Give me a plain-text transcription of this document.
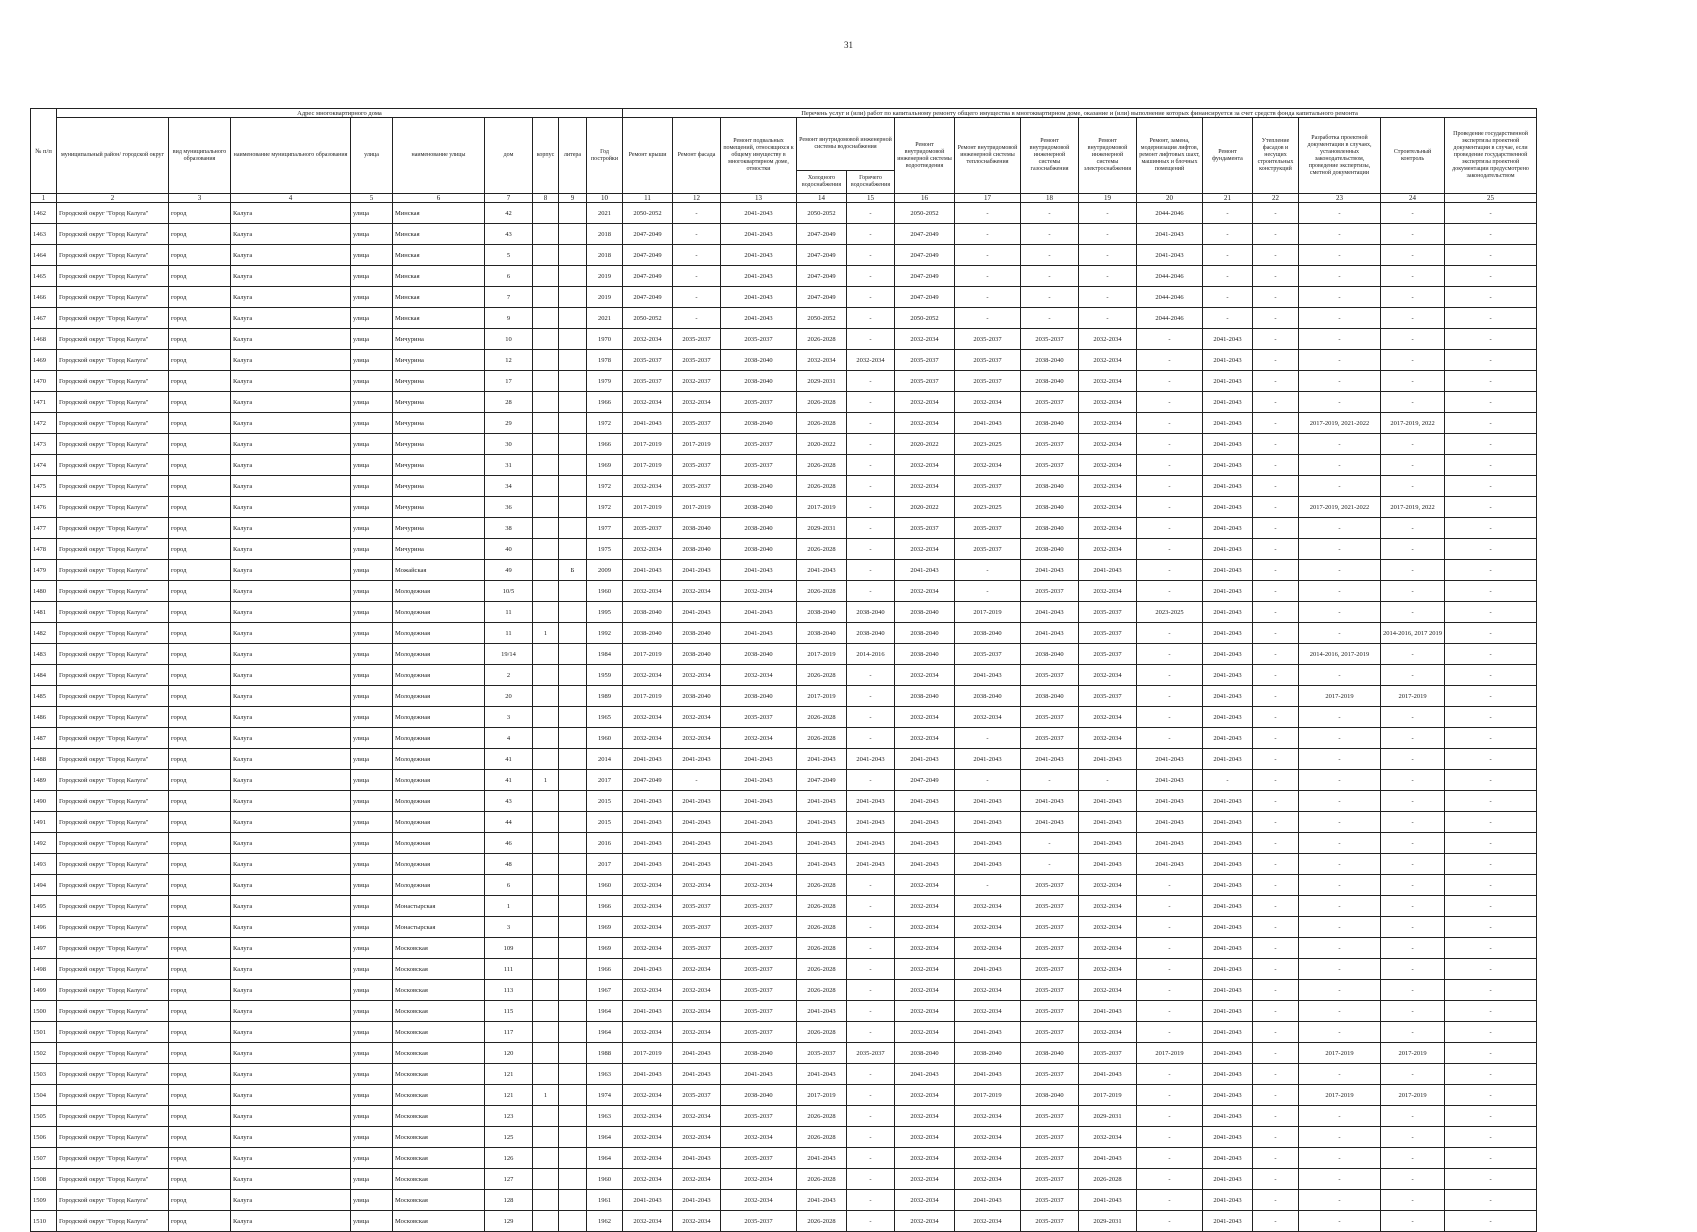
31
№ п/п	Адрес многоквартирного дома									Перечень услуг и (или) работ по капитальному ремонту общего имущества в многоквартирном доме, оказание и (или) выполнение которых финансируется за счет средств фонда капитального ремонта														
	муниципальный район/ городской округ	вид муниципального образования	наименование муниципального образования	улица	наименование улицы	дом	корпус	литера	Год постройки	Ремонт крыши	Ремонт фасада	Ремонт подвальных помещений, относящихся к общему имуществу в многоквартирном доме, отмостки	Ремонт внутридомовой инженерной системы водоснабжения		Ремонт внутридомовой инженерной системы водоотведения	Ремонт внутридомовой инженерной системы теплоснабжения	Ремонт внутридомовой инженерной системы газоснабжения	Ремонт внутридомовой инженерной системы электроснабжения	Ремонт, замена, модернизация лифтов, ремонт лифтовых шахт, машинных и блочных помещений	Ремонт фундамента	Утепление фасадов и несущих строительных конструкций	Разработка проектной документации в случаях, установленных законодательством, проведение экспертизы, сметной документации	Строительный контроль	Проведение государственной экспертизы проектной документации в случае, если проведение государственной экспертизы проектной документации предусмотрено законодательством
													Холодного водоснабжения	Горячего водоснабжения										
1	2	3	4	5	6	7	8	9	10	11	12	13	14	15	16	17	18	19	20	21	22	23	24	25
1462	Городской округ "Город Калуга"	город	Калуга	улица	Минская	42			2021	2050-2052	-	2041-2043	2050-2052	-	2050-2052	-	-	-	2044-2046	-	-	-	-	-
1463	Городской округ "Город Калуга"	город	Калуга	улица	Минская	43			2018	2047-2049	-	2041-2043	2047-2049	-	2047-2049	-	-	-	2041-2043	-	-	-	-	-
1464	Городской округ "Город Калуга"	город	Калуга	улица	Минская	5			2018	2047-2049	-	2041-2043	2047-2049	-	2047-2049	-	-	-	2041-2043	-	-	-	-	-
1465	Городской округ "Город Калуга"	город	Калуга	улица	Минская	6			2019	2047-2049	-	2041-2043	2047-2049	-	2047-2049	-	-	-	2044-2046	-	-	-	-	-
1466	Городской округ "Город Калуга"	город	Калуга	улица	Минская	7			2019	2047-2049	-	2041-2043	2047-2049	-	2047-2049	-	-	-	2044-2046	-	-	-	-	-
1467	Городской округ "Город Калуга"	город	Калуга	улица	Минская	9			2021	2050-2052	-	2041-2043	2050-2052	-	2050-2052	-	-	-	2044-2046	-	-	-	-	-
1468	Городской округ "Город Калуга"	город	Калуга	улица	Мичурина	10			1970	2032-2034	2035-2037	2035-2037	2026-2028	-	2032-2034	2035-2037	2035-2037	2032-2034	-	2041-2043	-	-	-	-
1469	Городской округ "Город Калуга"	город	Калуга	улица	Мичурина	12			1978	2035-2037	2035-2037	2038-2040	2032-2034	2032-2034	2035-2037	2035-2037	2038-2040	2032-2034	-	2041-2043	-	-	-	-
1470	Городской округ "Город Калуга"	город	Калуга	улица	Мичурина	17			1979	2035-2037	2032-2037	2038-2040	2029-2031	-	2035-2037	2035-2037	2038-2040	2032-2034	-	2041-2043	-	-	-	-
1471	Городской округ "Город Калуга"	город	Калуга	улица	Мичурина	28			1966	2032-2034	2032-2034	2035-2037	2026-2028	-	2032-2034	2032-2034	2035-2037	2032-2034	-	2041-2043	-	-	-	-
1472	Городской округ "Город Калуга"	город	Калуга	улица	Мичурина	29			1972	2041-2043	2035-2037	2038-2040	2026-2028	-	2032-2034	2041-2043	2038-2040	2032-2034	-	2041-2043	-	2017-2019, 2021-2022	2017-2019, 2022	-
1473	Городской округ "Город Калуга"	город	Калуга	улица	Мичурина	30			1966	2017-2019	2017-2019	2035-2037	2020-2022	-	2020-2022	2023-2025	2035-2037	2032-2034	-	2041-2043	-	-	-	-
1474	Городской округ "Город Калуга"	город	Калуга	улица	Мичурина	31			1969	2017-2019	2035-2037	2035-2037	2026-2028	-	2032-2034	2032-2034	2035-2037	2032-2034	-	2041-2043	-	-	-	-
1475	Городской округ "Город Калуга"	город	Калуга	улица	Мичурина	34			1972	2032-2034	2035-2037	2038-2040	2026-2028	-	2032-2034	2035-2037	2038-2040	2032-2034	-	2041-2043	-	-	-	-
1476	Городской округ "Город Калуга"	город	Калуга	улица	Мичурина	36			1972	2017-2019	2017-2019	2038-2040	2017-2019	-	2020-2022	2023-2025	2038-2040	2032-2034	-	2041-2043	-	2017-2019, 2021-2022	2017-2019, 2022	-
1477	Городской округ "Город Калуга"	город	Калуга	улица	Мичурина	38			1977	2035-2037	2038-2040	2038-2040	2029-2031	-	2035-2037	2035-2037	2038-2040	2032-2034	-	2041-2043	-	-	-	-
1478	Городской округ "Город Калуга"	город	Калуга	улица	Мичурина	40			1975	2032-2034	2038-2040	2038-2040	2026-2028	-	2032-2034	2035-2037	2038-2040	2032-2034	-	2041-2043	-	-	-	-
1479	Городской округ "Город Калуга"	город	Калуга	улица	Можайская	49		Б	2009	2041-2043	2041-2043	2041-2043	2041-2043	-	2041-2043	-	2041-2043	2041-2043	-	2041-2043	-	-	-	-
1480	Городской округ "Город Калуга"	город	Калуга	улица	Молодежная	10/5			1960	2032-2034	2032-2034	2032-2034	2026-2028	-	2032-2034	-	2035-2037	2032-2034	-	2041-2043	-	-	-	-
1481	Городской округ "Город Калуга"	город	Калуга	улица	Молодежная	11			1995	2038-2040	2041-2043	2041-2043	2038-2040	2038-2040	2038-2040	2017-2019	2041-2043	2035-2037	2023-2025	2041-2043	-	-	-	-
1482	Городской округ "Город Калуга"	город	Калуга	улица	Молодежная	11	1		1992	2038-2040	2038-2040	2041-2043	2038-2040	2038-2040	2038-2040	2038-2040	2041-2043	2035-2037	-	2041-2043	-	-	2014-2016, 2017 2019	-
1483	Городской округ "Город Калуга"	город	Калуга	улица	Молодежная	19/14			1984	2017-2019	2038-2040	2038-2040	2017-2019	2014-2016	2038-2040	2035-2037	2038-2040	2035-2037	-	2041-2043	-	2014-2016, 2017-2019	-	-
1484	Городской округ "Город Калуга"	город	Калуга	улица	Молодежная	2			1959	2032-2034	2032-2034	2032-2034	2026-2028	-	2032-2034	2041-2043	2035-2037	2032-2034	-	2041-2043	-	-	-	-
1485	Городской округ "Город Калуга"	город	Калуга	улица	Молодежная	20			1989	2017-2019	2038-2040	2038-2040	2017-2019	-	2038-2040	2038-2040	2038-2040	2035-2037	-	2041-2043	-	2017-2019	2017-2019	-
1486	Городской округ "Город Калуга"	город	Калуга	улица	Молодежная	3			1965	2032-2034	2032-2034	2035-2037	2026-2028	-	2032-2034	2032-2034	2035-2037	2032-2034	-	2041-2043	-	-	-	-
1487	Городской округ "Город Калуга"	город	Калуга	улица	Молодежная	4			1960	2032-2034	2032-2034	2032-2034	2026-2028	-	2032-2034	-	2035-2037	2032-2034	-	2041-2043	-	-	-	-
1488	Городской округ "Город Калуга"	город	Калуга	улица	Молодежная	41			2014	2041-2043	2041-2043	2041-2043	2041-2043	2041-2043	2041-2043	2041-2043	2041-2043	2041-2043	2041-2043	2041-2043	-	-	-	-
1489	Городской округ "Город Калуга"	город	Калуга	улица	Молодежная	41	1		2017	2047-2049	-	2041-2043	2047-2049	-	2047-2049	-	-	-	2041-2043	-	-	-	-	-
1490	Городской округ "Город Калуга"	город	Калуга	улица	Молодежная	43			2015	2041-2043	2041-2043	2041-2043	2041-2043	2041-2043	2041-2043	2041-2043	2041-2043	2041-2043	2041-2043	2041-2043	-	-	-	-
1491	Городской округ "Город Калуга"	город	Калуга	улица	Молодежная	44			2015	2041-2043	2041-2043	2041-2043	2041-2043	2041-2043	2041-2043	2041-2043	2041-2043	2041-2043	2041-2043	2041-2043	-	-	-	-
1492	Городской округ "Город Калуга"	город	Калуга	улица	Молодежная	46			2016	2041-2043	2041-2043	2041-2043	2041-2043	2041-2043	2041-2043	2041-2043	-	2041-2043	2041-2043	2041-2043	-	-	-	-
1493	Городской округ "Город Калуга"	город	Калуга	улица	Молодежная	48			2017	2041-2043	2041-2043	2041-2043	2041-2043	2041-2043	2041-2043	2041-2043	-	2041-2043	2041-2043	2041-2043	-	-	-	-
1494	Городской округ "Город Калуга"	город	Калуга	улица	Молодежная	6			1960	2032-2034	2032-2034	2032-2034	2026-2028	-	2032-2034	-	2035-2037	2032-2034	-	2041-2043	-	-	-	-
1495	Городской округ "Город Калуга"	город	Калуга	улица	Монастырская	1			1966	2032-2034	2035-2037	2035-2037	2026-2028	-	2032-2034	2032-2034	2035-2037	2032-2034	-	2041-2043	-	-	-	-
1496	Городской округ "Город Калуга"	город	Калуга	улица	Монастырская	3			1969	2032-2034	2035-2037	2035-2037	2026-2028	-	2032-2034	2032-2034	2035-2037	2032-2034	-	2041-2043	-	-	-	-
1497	Городской округ "Город Калуга"	город	Калуга	улица	Московская	109			1969	2032-2034	2035-2037	2035-2037	2026-2028	-	2032-2034	2032-2034	2035-2037	2032-2034	-	2041-2043	-	-	-	-
1498	Городской округ "Город Калуга"	город	Калуга	улица	Московская	111			1966	2041-2043	2032-2034	2035-2037	2026-2028	-	2032-2034	2041-2043	2035-2037	2032-2034	-	2041-2043	-	-	-	-
1499	Городской округ "Город Калуга"	город	Калуга	улица	Московская	113			1967	2032-2034	2032-2034	2035-2037	2026-2028	-	2032-2034	2032-2034	2035-2037	2032-2034	-	2041-2043	-	-	-	-
1500	Городской округ "Город Калуга"	город	Калуга	улица	Московская	115			1964	2041-2043	2032-2034	2035-2037	2041-2043	-	2032-2034	2032-2034	2035-2037	2041-2043	-	2041-2043	-	-	-	-
1501	Городской округ "Город Калуга"	город	Калуга	улица	Московская	117			1964	2032-2034	2032-2034	2035-2037	2026-2028	-	2032-2034	2041-2043	2035-2037	2032-2034	-	2041-2043	-	-	-	-
1502	Городской округ "Город Калуга"	город	Калуга	улица	Московская	120			1988	2017-2019	2041-2043	2038-2040	2035-2037	2035-2037	2038-2040	2038-2040	2038-2040	2035-2037	2017-2019	2041-2043	-	2017-2019	2017-2019	-
1503	Городской округ "Город Калуга"	город	Калуга	улица	Московская	121			1963	2041-2043	2041-2043	2041-2043	2041-2043	-	2041-2043	2041-2043	2035-2037	2041-2043	-	2041-2043	-	-	-	-
1504	Городской округ "Город Калуга"	город	Калуга	улица	Московская	121	1		1974	2032-2034	2035-2037	2038-2040	2017-2019	-	2032-2034	2017-2019	2038-2040	2017-2019	-	2041-2043	-	2017-2019	2017-2019	-
1505	Городской округ "Город Калуга"	город	Калуга	улица	Московская	123			1963	2032-2034	2032-2034	2035-2037	2026-2028	-	2032-2034	2032-2034	2035-2037	2029-2031	-	2041-2043	-	-	-	-
1506	Городской округ "Город Калуга"	город	Калуга	улица	Московская	125			1964	2032-2034	2032-2034	2032-2034	2026-2028	-	2032-2034	2032-2034	2035-2037	2032-2034	-	2041-2043	-	-	-	-
1507	Городской округ "Город Калуга"	город	Калуга	улица	Московская	126			1964	2032-2034	2041-2043	2035-2037	2041-2043	-	2032-2034	2032-2034	2035-2037	2041-2043	-	2041-2043	-	-	-	-
1508	Городской округ "Город Калуга"	город	Калуга	улица	Московская	127			1960	2032-2034	2032-2034	2032-2034	2026-2028	-	2032-2034	2032-2034	2035-2037	2026-2028	-	2041-2043	-	-	-	-
1509	Городской округ "Город Калуга"	город	Калуга	улица	Московская	128			1961	2041-2043	2041-2043	2032-2034	2041-2043	-	2032-2034	2041-2043	2035-2037	2041-2043	-	2041-2043	-	-	-	-
1510	Городской округ "Город Калуга"	город	Калуга	улица	Московская	129			1962	2032-2034	2032-2034	2035-2037	2026-2028	-	2032-2034	2032-2034	2035-2037	2029-2031	-	2041-2043	-	-	-	-
